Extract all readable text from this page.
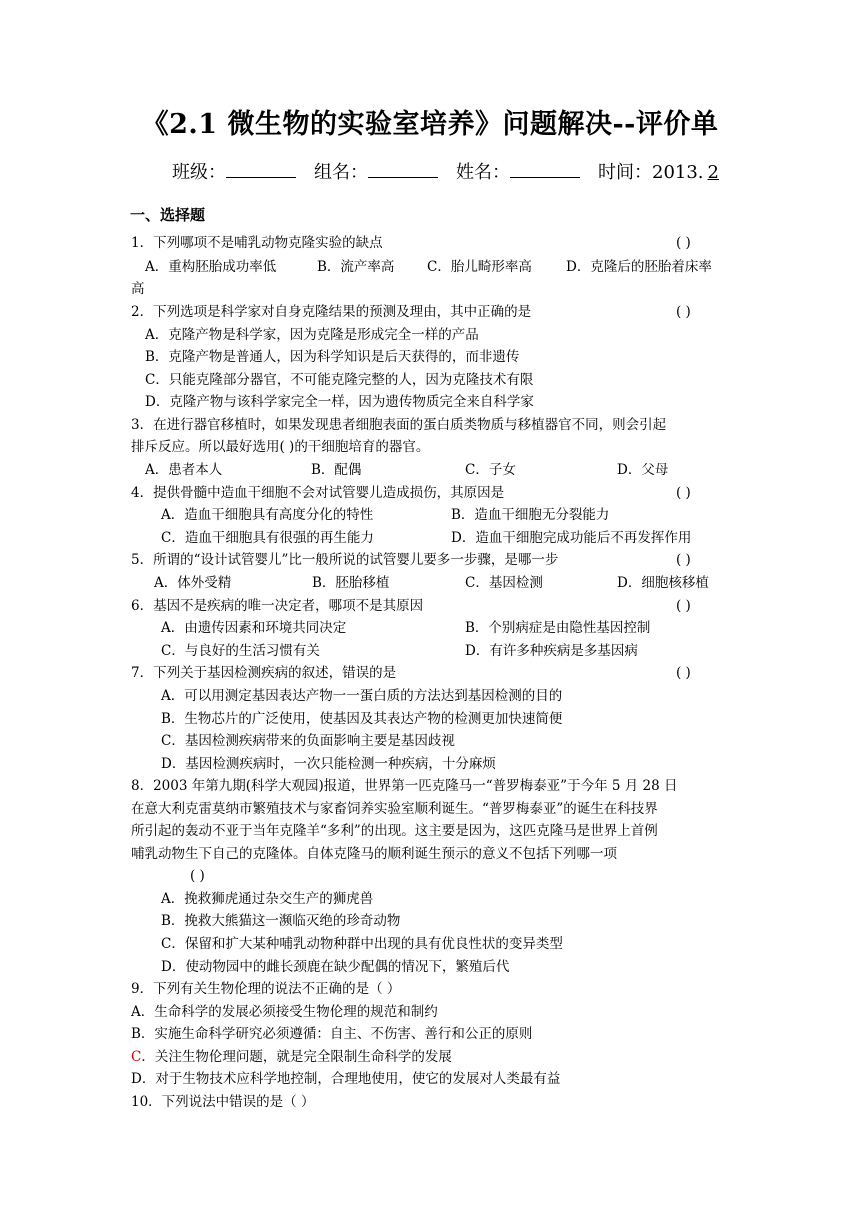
《2.1 微生物的实验室培养》问题解决--评价单
班级：	组名：	姓名：	时间：2013. 2
一、选择题
1．下列哪项不是哺乳动物克隆实验的缺点	( )
A．重构胚胎成功率低	B．流产率高 C．胎儿畸形率高	D．克隆后的胚胎着床率
高
2．下列选项是科学家对自身克隆结果的预测及理由，其中正确的是	( )
A．克隆产物是科学家，因为克隆是形成完全一样的产品
B．克隆产物是普通人，因为科学知识是后天获得的，而非遗传
C．只能克隆部分器官，不可能克隆完整的人，因为克隆技术有限
D．克隆产物与该科学家完全一样，因为遗传物质完全来自科学家
3．在进行器官移植时，如果发现患者细胞表面的蛋白质类物质与移植器官不同，则会引起
排斥反应。所以最好选用( )的干细胞培育的器官。
A．患者本人	B．配偶	C．子女	D．父母
4．提供骨髓中造血干细胞不会对试管婴儿造成损伤，其原因是	( )
A．造血干细胞具有高度分化的特性	B．造血干细胞无分裂能力
C．造血干细胞具有很强的再生能力	D．造血干细胞完成功能后不再发挥作用
5．所谓的“设计试管婴儿”比一般所说的试管婴儿要多一步骤，是哪一步	( )
A．体外受精	B．胚胎移植	C．基因检测	D．细胞核移植
6．基因不是疾病的唯一决定者，哪项不是其原因	( )
A．由遗传因素和环境共同决定	B．个别病症是由隐性基因控制
C．与良好的生活习惯有关	D．有许多种疾病是多基因病
7．下列关于基因检测疾病的叙述，错误的是	( )
A．可以用测定基因表达产物一一蛋白质的方法达到基因检测的目的
B．生物芯片的广泛使用，使基因及其表达产物的检测更加快速简便
C．基因检测疾病带来的负面影响主要是基因歧视
D．基因检测疾病时，一次只能检测一种疾病，十分麻烦
8．2003 年第九期(科学大观园)报道，世界第一匹克隆马一“普罗梅泰亚”于今年 5 月 28 日
在意大利克雷莫纳市繁殖技术与家畜饲养实验室顺利诞生。“普罗梅泰亚”的诞生在科技界
所引起的轰动不亚于当年克隆羊“多利”的出现。这主要是因为，这匹克隆马是世界上首例
哺乳动物生下自己的克隆体。自体克隆马的顺利诞生预示的意义不包括下列哪一项
( )
A．挽救狮虎通过杂交生产的狮虎兽
B．挽救大熊猫这一濒临灭绝的珍奇动物
C．保留和扩大某种哺乳动物种群中出现的具有优良性状的变异类型
D．使动物园中的雌长颈鹿在缺少配偶的情况下，繁殖后代
9．下列有关生物伦理的说法不正确的是（ ）
A．生命科学的发展必须接受生物伦理的规范和制约
B．实施生命科学研究必须遵循：自主、不伤害、善行和公正的原则
C．关注生物伦理问题，就是完全限制生命科学的发展
D．对于生物技术应科学地控制，合理地使用，使它的发展对人类最有益
10．下列说法中错误的是（ ）
